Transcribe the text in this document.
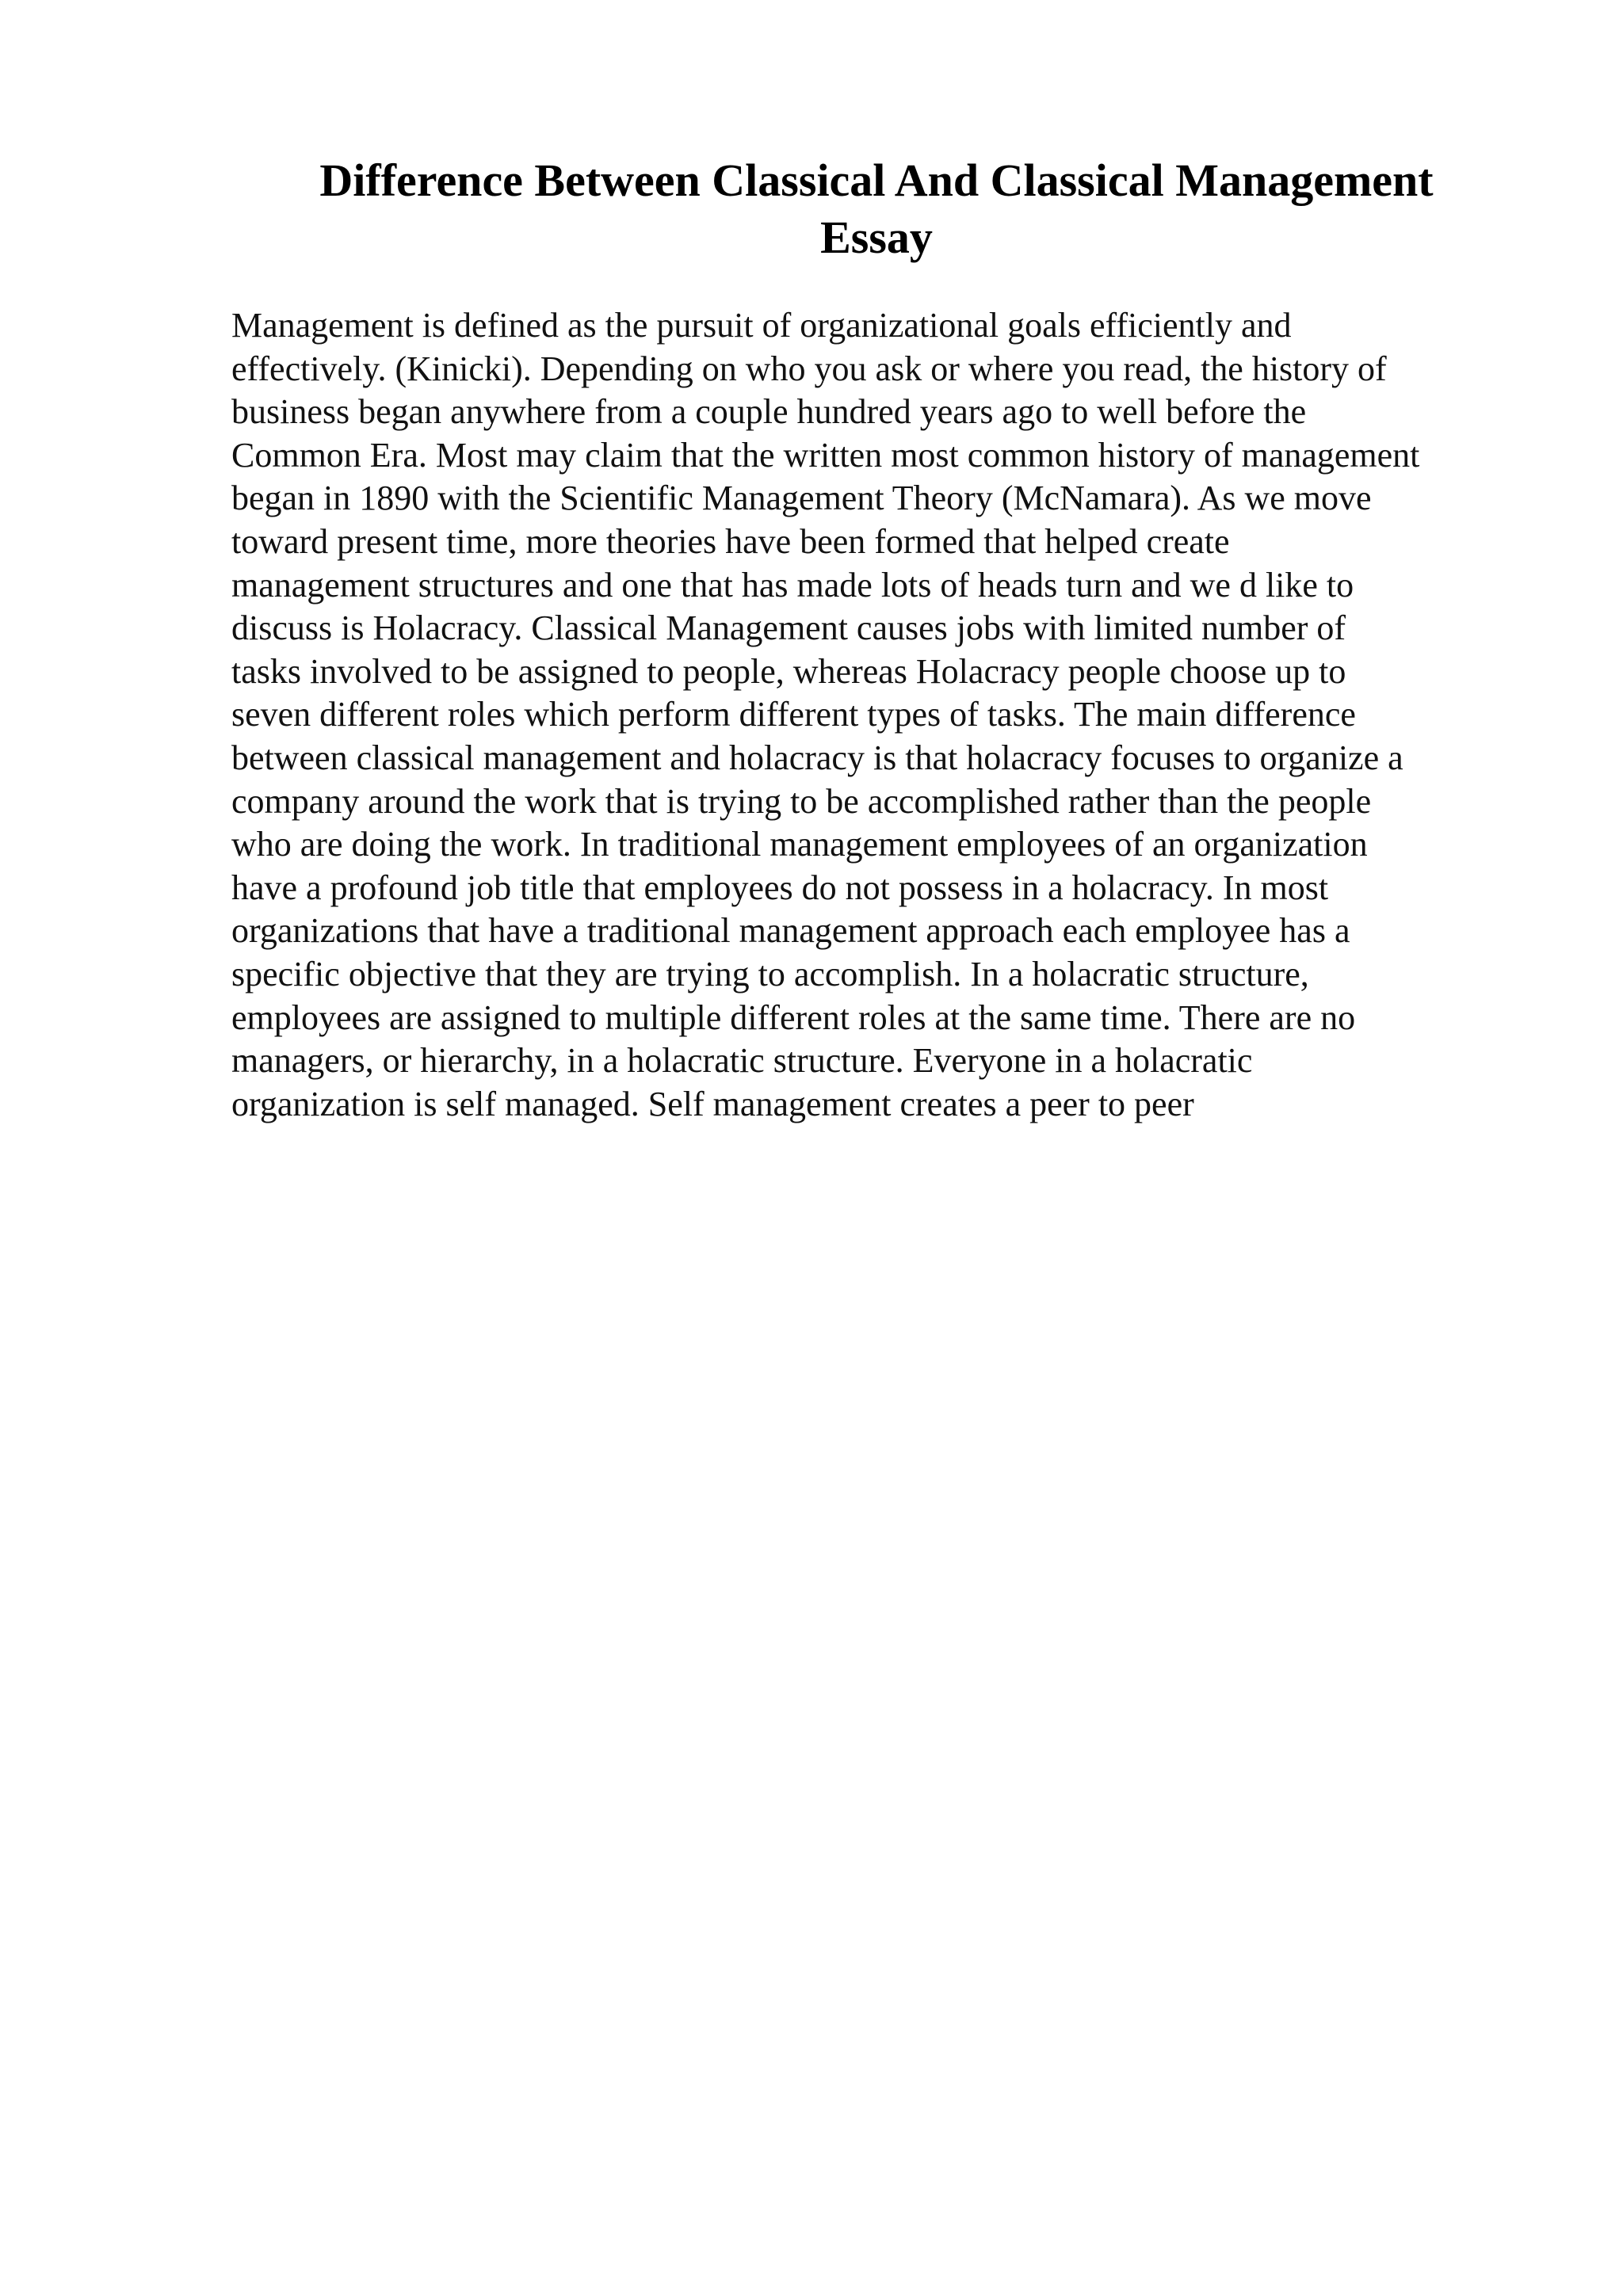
Difference Between Classical And Classical Management
Essay
Management is defined as the pursuit of organizational goals efficiently and
effectively. (Kinicki). Depending on who you ask or where you read, the history of
business began anywhere from a couple hundred years ago to well before the
Common Era. Most may claim that the written most common history of management
began in 1890 with the Scientific Management Theory (McNamara). As we move
toward present time, more theories have been formed that helped create
management structures and one that has made lots of heads turn and we d like to
discuss is Holacracy. Classical Management causes jobs with limited number of
tasks involved to be assigned to people, whereas Holacracy people choose up to
seven different roles which perform different types of tasks. The main difference
between classical management and holacracy is that holacracy focuses to organize a
company around the work that is trying to be accomplished rather than the people
who are doing the work. In traditional management employees of an organization
have a profound job title that employees do not possess in a holacracy. In most
organizations that have a traditional management approach each employee has a
specific objective that they are trying to accomplish. In a holacratic structure,
employees are assigned to multiple different roles at the same time. There are no
managers, or hierarchy, in a holacratic structure. Everyone in a holacratic
organization is self managed. Self management creates a peer to peer
